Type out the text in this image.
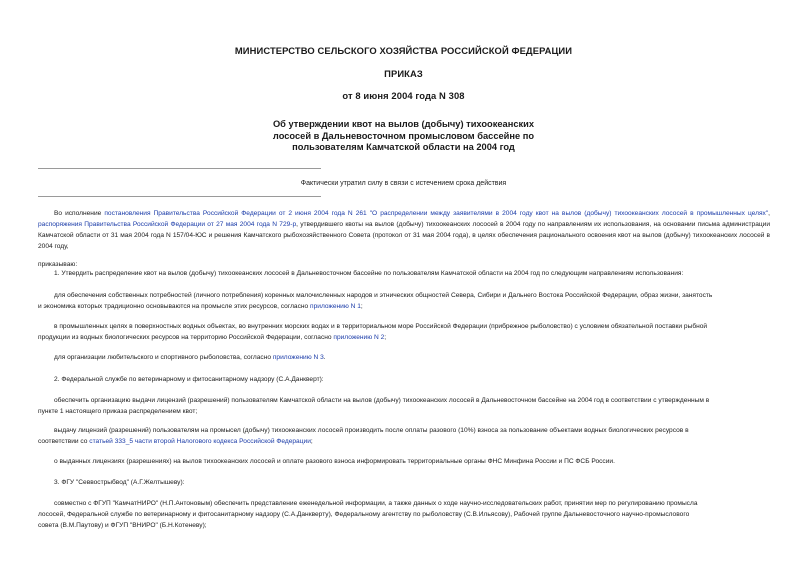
МИНИСТЕРСТВО СЕЛЬСКОГО ХОЗЯЙСТВА РОССИЙСКОЙ ФЕДЕРАЦИИ
ПРИКАЗ
от 8 июня 2004 года N 308
Об утверждении квот на вылов (добычу) тихоокеанских
лососей в Дальневосточном промысловом бассейне по
пользователям Камчатской области на 2004 год
Фактически утратил силу в связи с истечением срока действия

Во исполнение постановления Правительства Российской Федерации от 2 июня 2004 года N 261 "О распределении между заявителями в 2004 году квот на вылов (добычу) тихоокеанских лососей в промышленных целях", распоряжения Правительства Российской Федерации от 27 мая 2004 года N 729-р, утвердившего квоты на вылов (добычу) тихоокеанских лососей в 2004 году по направлениям их использования, на основании письма администрации Камчатской области от 31 мая 2004 года N 157/04-ЮС и решения Камчатского рыбохозяйственного Совета (протокол от 31 мая 2004 года), в целях обеспечения рационального освоения квот на вылов (добычу) тихоокеанских лососей в 2004 году,

приказываю:
1. Утвердить распределение квот на вылов (добычу) тихоокеанских лососей в Дальневосточном бассейне по пользователям Камчатской области на 2004 год по следующим направлениям использования:
для обеспечения собственных потребностей (личного потребления) коренных малочисленных народов и этнических общностей Севера, Сибири и Дальнего Востока Российской Федерации, образ жизни, занятость
и экономика которых традиционно основываются на промысле этих ресурсов, согласно приложению N 1;
в промышленных целях в поверхностных водных объектах, во внутренних морских водах и в территориальном море Российской Федерации (прибрежное рыболовство) с условием обязательной поставки рыбной
продукции из водных биологических ресурсов на территорию Российской Федерации, согласно приложению N 2;
для организации любительского и спортивного рыболовства, согласно приложению N 3.
2. Федеральной службе по ветеринарному и фитосанитарному надзору (С.А.Данкверт):
обеспечить организацию выдачи лицензий (разрешений) пользователям Камчатской области на вылов (добычу) тихоокеанских лососей в Дальневосточном бассейне на 2004 год в соответствии с утвержденным в
пункте 1 настоящего приказа распределением квот;
выдачу лицензий (разрешений) пользователям на промысел (добычу) тихоокеанских лососей производить после оплаты разового (10%) взноса за пользование объектами водных биологических ресурсов в
соответствии со статьей 333_5 части второй Налогового кодекса Российской Федерации;
о выданных лицензиях (разрешениях) на вылов тихоокеанских лососей и оплате разового взноса информировать территориальные органы ФНС Минфина России и ПС ФСБ России.
3. ФГУ "Севвострыбвод" (А.Г.Желтышеву):
совместно с ФГУП "КамчатНИРО" (Н.П.Антоновым) обеспечить представление еженедельной информации, а также данных о ходе научно-исследовательских работ, принятии мер по регулированию промысла
лососей, Федеральной службе по ветеринарному и фитосанитарному надзору (С.А.Данкверту), Федеральному агентству по рыболовству (С.В.Ильясову), Рабочей группе Дальневосточного научно-промыслового
совета (В.М.Паутову) и ФГУП "ВНИРО" (Б.Н.Котеневу);
